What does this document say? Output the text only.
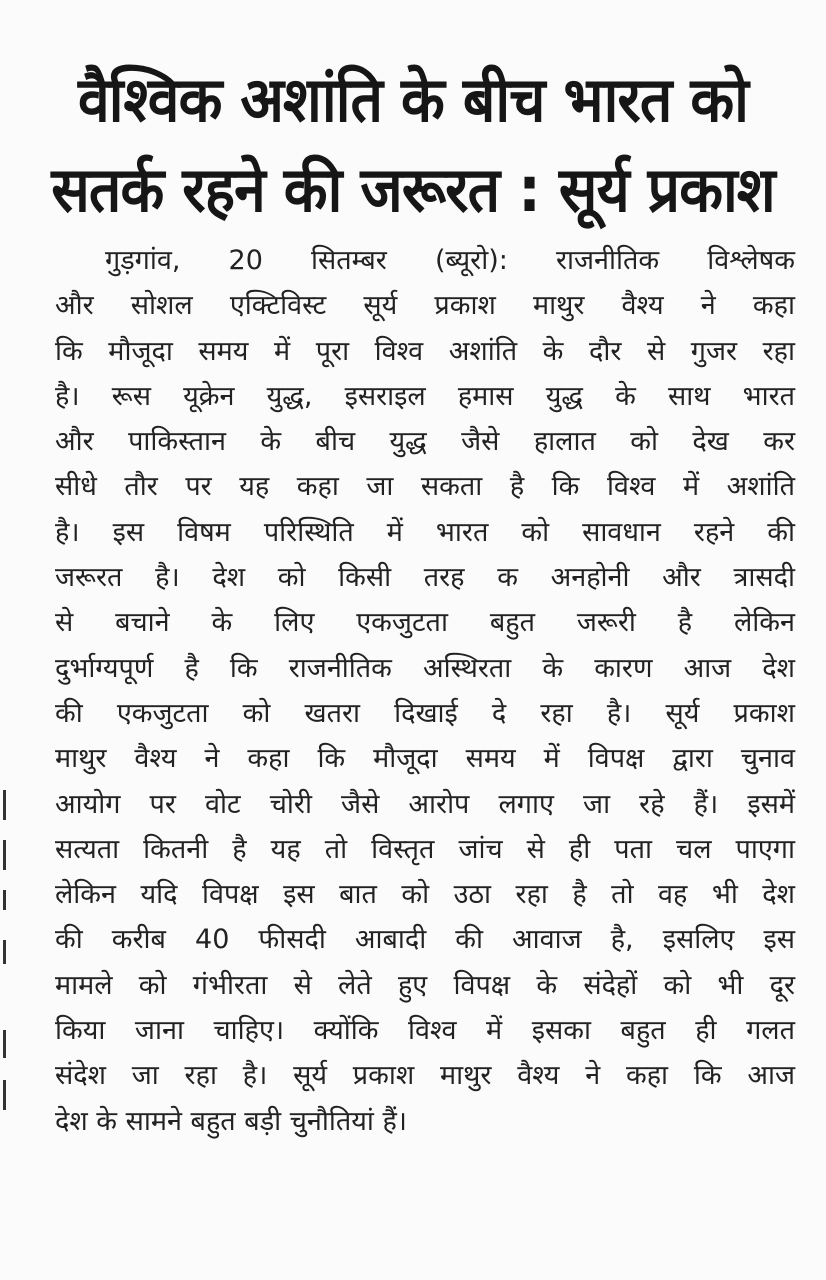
वैश्विक अशांति के बीच भारत को
सतर्क रहने की जरूरत : सूर्य प्रकाश
गुड़गांव, 20 सितम्बर (ब्यूरो): राजनीतिक विश्लेषक
और सोशल एक्टिविस्ट सूर्य प्रकाश माथुर वैश्य ने कहा
कि मौजूदा समय में पूरा विश्व अशांति के दौर से गुजर रहा
है। रूस यूक्रेन युद्ध, इसराइल हमास युद्ध के साथ भारत
और पाकिस्तान के बीच युद्ध जैसे हालात को देख कर
सीधे तौर पर यह कहा जा सकता है कि विश्व में अशांति
है। इस विषम परिस्थिति में भारत को सावधान रहने की
जरूरत है। देश को किसी तरह क अनहोनी और त्रासदी
से बचाने के लिए एकजुटता बहुत जरूरी है लेकिन
दुर्भाग्यपूर्ण है कि राजनीतिक अस्थिरता के कारण आज देश
की एकजुटता को खतरा दिखाई दे रहा है। सूर्य प्रकाश
माथुर वैश्य ने कहा कि मौजूदा समय में विपक्ष द्वारा चुनाव
आयोग पर वोट चोरी जैसे आरोप लगाए जा रहे हैं। इसमें
सत्यता कितनी है यह तो विस्तृत जांच से ही पता चल पाएगा
लेकिन यदि विपक्ष इस बात को उठा रहा है तो वह भी देश
की करीब 40 फीसदी आबादी की आवाज है, इसलिए इस
मामले को गंभीरता से लेते हुए विपक्ष के संदेहों को भी दूर
किया जाना चाहिए। क्योंकि विश्व में इसका बहुत ही गलत
संदेश जा रहा है। सूर्य प्रकाश माथुर वैश्य ने कहा कि आज
देश के सामने बहुत बड़ी चुनौतियां हैं।
